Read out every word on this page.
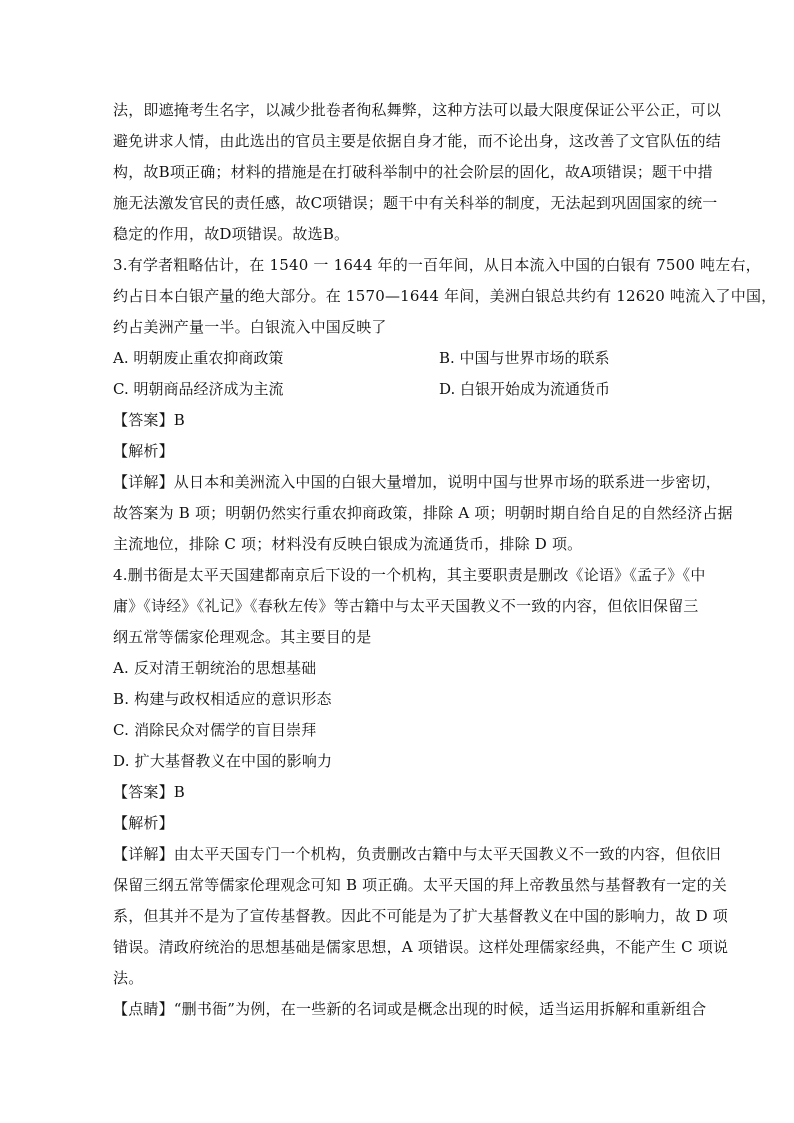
法，即遮掩考生名字，以减少批卷者徇私舞弊，这种方法可以最大限度保证公平公正，可以
避免讲求人情，由此选出的官员主要是依据自身才能，而不论出身，这改善了文官队伍的结
构，故B项正确；材料的措施是在打破科举制中的社会阶层的固化，故A项错误；题干中措
施无法激发官民的责任感，故C项错误；题干中有关科举的制度，无法起到巩固国家的统一
稳定的作用，故D项错误。故选B。
3.有学者粗略估计，在 1540 一 1644 年的一百年间，从日本流入中国的白银有 7500 吨左右，
约占日本白银产量的绝大部分。在 1570—1644 年间，美洲白银总共约有 12620 吨流入了中国，
约占美洲产量一半。白银流入中国反映了
A. 明朝废止重农抑商政策	B. 中国与世界市场的联系
C. 明朝商品经济成为主流	D. 白银开始成为流通货币
【答案】B
【解析】
【详解】从日本和美洲流入中国的白银大量增加，说明中国与世界市场的联系进一步密切，
故答案为 B 项；明朝仍然实行重农抑商政策，排除 A 项；明朝时期自给自足的自然经济占据
主流地位，排除 C 项；材料没有反映白银成为流通货币，排除 D 项。
4.删书衙是太平天国建都南京后下设的一个机构，其主要职责是删改《论语》《孟子》《中
庸》《诗经》《礼记》《春秋左传》等古籍中与太平天国教义不一致的内容，但依旧保留三
纲五常等儒家伦理观念。其主要目的是
A. 反对清王朝统治的思想基础
B. 构建与政权相适应的意识形态
C. 消除民众对儒学的盲目崇拜
D. 扩大基督教义在中国的影响力
【答案】B
【解析】
【详解】由太平天国专门一个机构，负责删改古籍中与太平天国教义不一致的内容，但依旧
保留三纲五常等儒家伦理观念可知 B 项正确。太平天国的拜上帝教虽然与基督教有一定的关
系，但其并不是为了宣传基督教。因此不可能是为了扩大基督教义在中国的影响力，故 D 项
错误。清政府统治的思想基础是儒家思想，A 项错误。这样处理儒家经典，不能产生 C 项说
法。
【点睛】“删书衙”为例，在一些新的名词或是概念出现的时候，适当运用拆解和重新组合
